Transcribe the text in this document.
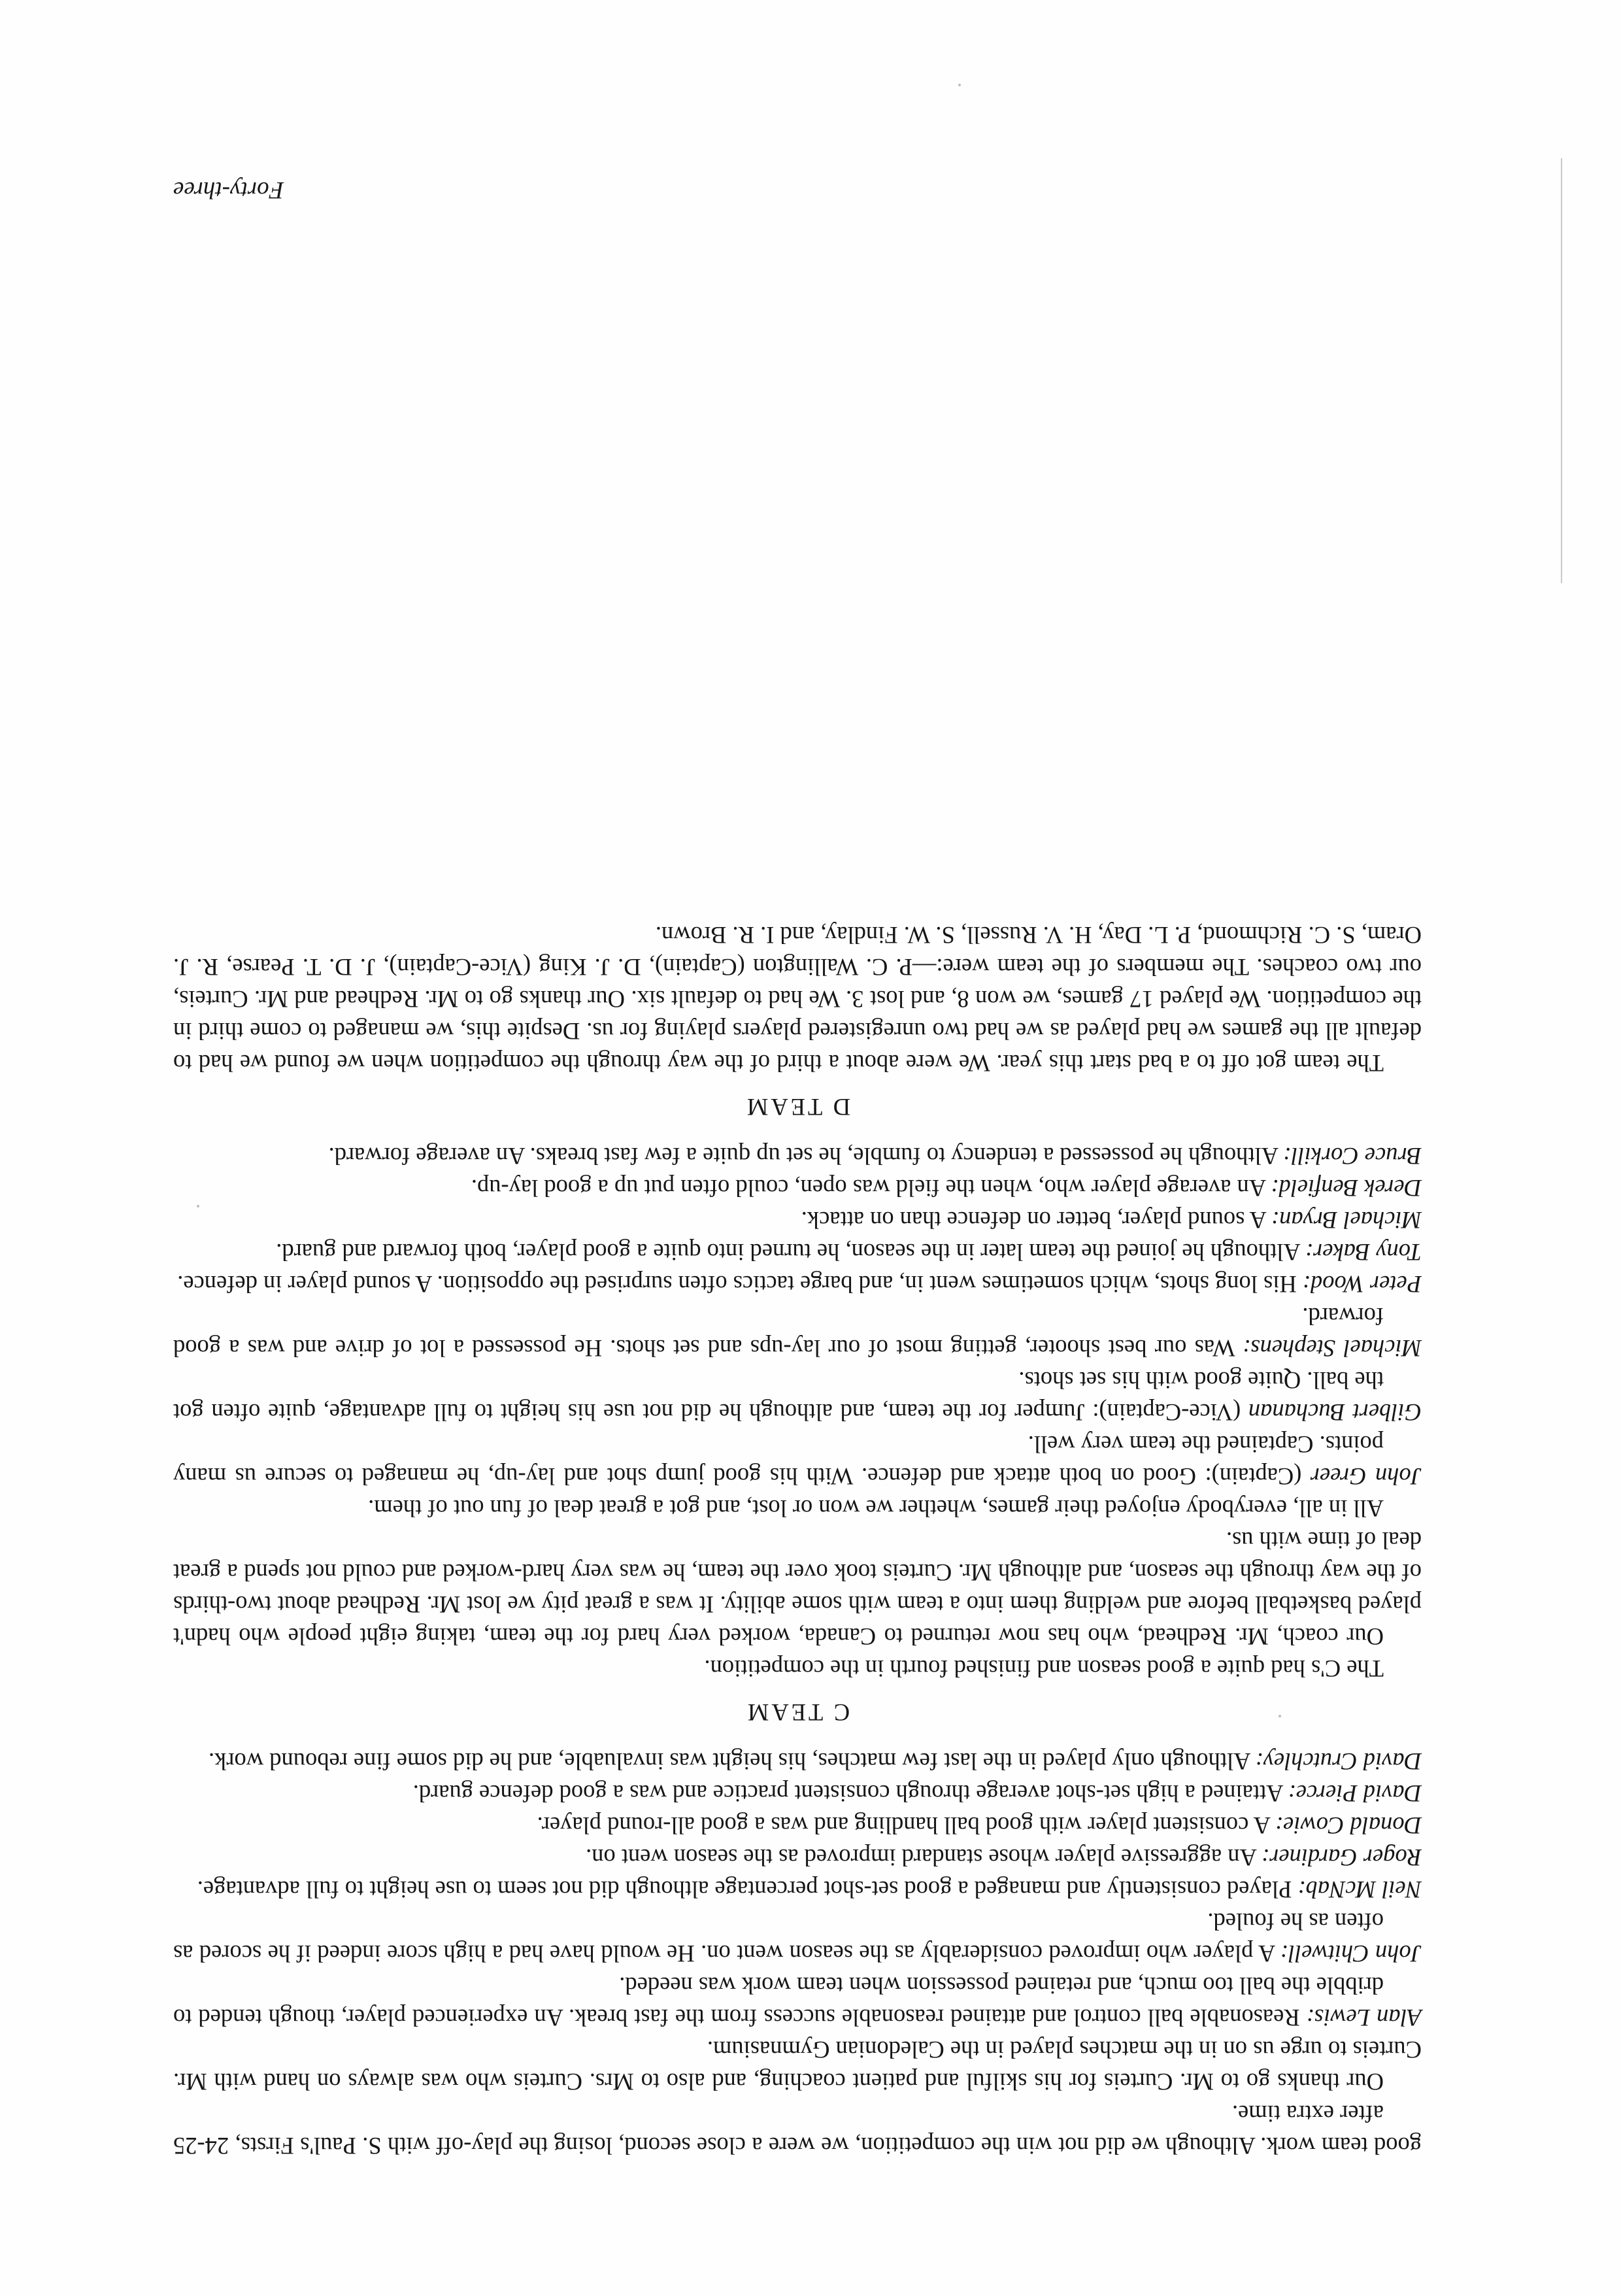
good team work. Although we did not win the competition, we were a close second, losing the play-off with S. Paul's Firsts, 24-25 after extra time.

Our thanks go to Mr. Curteis for his skilful and patient coaching, and also to Mrs. Curteis who was always on hand with Mr. Curteis to urge us on in the matches played in the Caledonian Gymnasium.

Alan Lewis: Reasonable ball control and attained reasonable success from the fast break. An experienced player, though tended to dribble the ball too much, and retained possession when team work was needed.

John Chitwell: A player who improved considerably as the season went on. He would have had a high score indeed if he scored as often as he fouled.

Neil McNab: Played consistently and managed a good set-shot percentage although did not seem to use height to full advantage.

Roger Gardiner: An aggressive player whose standard improved as the season went on.

Donald Cowie: A consistent player with good ball handling and was a good all-round player.

David Pierce: Attained a high set-shot average through consistent practice and was a good defence guard.

David Crutchley: Although only played in the last few matches, his height was invaluable, and he did some fine rebound work.

C TEAM

The C's had quite a good season and finished fourth in the competition.

Our coach, Mr. Redhead, who has now returned to Canada, worked very hard for the team, taking eight people who hadn't played basketball before and welding them into a team with some ability. It was a great pity we lost Mr. Redhead about two-thirds of the way through the season, and although Mr. Curteis took over the team, he was very hard-worked and could not spend a great deal of time with us.

All in all, everybody enjoyed their games, whether we won or lost, and got a great deal of fun out of them.

John Greer (Captain): Good on both attack and defence. With his good jump shot and lay-up, he managed to secure us many points. Captained the team very well.

Gilbert Buchanan (Vice-Captain): Jumper for the team, and although he did not use his height to full advantage, quite often got the ball. Quite good with his set shots.

Michael Stephens: Was our best shooter, getting most of our lay-ups and set shots. He possessed a lot of drive and was a good forward.

Peter Wood: His long shots, which sometimes went in, and barge tactics often surprised the opposition. A sound player in defence.

Tony Baker: Although he joined the team later in the season, he turned into quite a good player, both forward and guard.

Michael Bryan: A sound player, better on defence than on attack.

Derek Benfield: An average player who, when the field was open, could often put up a good lay-up.

Bruce Corkill: Although he possessed a tendency to fumble, he set up quite a few fast breaks. An average forward.

D TEAM

The team got off to a bad start this year. We were about a third of the way through the competition when we found we had to default all the games we had played as we had two unregistered players playing for us. Despite this, we managed to come third in the competition. We played 17 games, we won 8, and lost 3. We had to default six. Our thanks go to Mr. Redhead and Mr. Curteis, our two coaches. The members of the team were:—P. C. Wallington (Captain), D. J. King (Vice-Captain), J. D. T. Pearse, R. J. Oram, S. C. Richmond, P. L. Day, H. V. Russell, S. W. Findlay, and I. R. Brown.

Forty-three
